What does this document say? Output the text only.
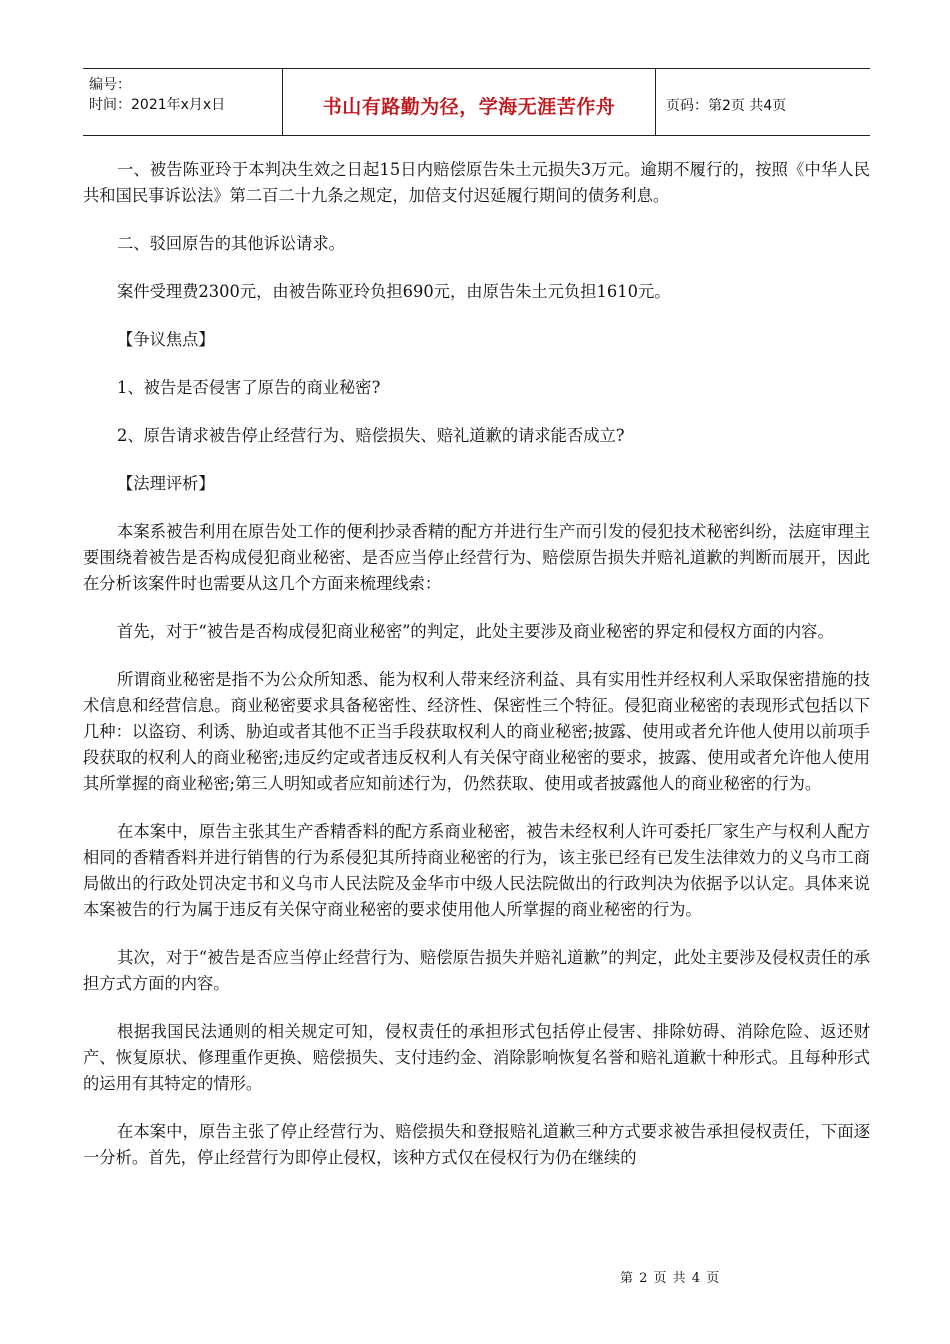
编号：
时间：2021年x月x日	书山有路勤为径，学海无涯苦作舟	页码：第2页 共4页

一、被告陈亚玲于本判决生效之日起15日内赔偿原告朱土元损失3万元。逾期不履行的，按照《中华人民共和国民事诉讼法》第二百二十九条之规定，加倍支付迟延履行期间的债务利息。

二、驳回原告的其他诉讼请求。

案件受理费2300元，由被告陈亚玲负担690元，由原告朱土元负担1610元。

【争议焦点】

1、被告是否侵害了原告的商业秘密?

2、原告请求被告停止经营行为、赔偿损失、赔礼道歉的请求能否成立?

【法理评析】

本案系被告利用在原告处工作的便利抄录香精的配方并进行生产而引发的侵犯技术秘密纠纷，法庭审理主要围绕着被告是否构成侵犯商业秘密、是否应当停止经营行为、赔偿原告损失并赔礼道歉的判断而展开，因此在分析该案件时也需要从这几个方面来梳理线索：

首先，对于“被告是否构成侵犯商业秘密”的判定，此处主要涉及商业秘密的界定和侵权方面的内容。

所谓商业秘密是指不为公众所知悉、能为权利人带来经济利益、具有实用性并经权利人采取保密措施的技术信息和经营信息。商业秘密要求具备秘密性、经济性、保密性三个特征。侵犯商业秘密的表现形式包括以下几种：以盗窃、利诱、胁迫或者其他不正当手段获取权利人的商业秘密;披露、使用或者允许他人使用以前项手段获取的权利人的商业秘密;违反约定或者违反权利人有关保守商业秘密的要求，披露、使用或者允许他人使用其所掌握的商业秘密;第三人明知或者应知前述行为，仍然获取、使用或者披露他人的商业秘密的行为。

在本案中，原告主张其生产香精香料的配方系商业秘密，被告未经权利人许可委托厂家生产与权利人配方相同的香精香料并进行销售的行为系侵犯其所持商业秘密的行为，该主张已经有已发生法律效力的义乌市工商局做出的行政处罚决定书和义乌市人民法院及金华市中级人民法院做出的行政判决为依据予以认定。具体来说本案被告的行为属于违反有关保守商业秘密的要求使用他人所掌握的商业秘密的行为。

其次，对于“被告是否应当停止经营行为、赔偿原告损失并赔礼道歉”的判定，此处主要涉及侵权责任的承担方式方面的内容。

根据我国民法通则的相关规定可知，侵权责任的承担形式包括停止侵害、排除妨碍、消除危险、返还财产、恢复原状、修理重作更换、赔偿损失、支付违约金、消除影响恢复名誉和赔礼道歉十种形式。且每种形式的运用有其特定的情形。

在本案中，原告主张了停止经营行为、赔偿损失和登报赔礼道歉三种方式要求被告承担侵权责任，下面逐一分析。首先，停止经营行为即停止侵权，该种方式仅在侵权行为仍在继续的

第 2 页 共 4 页
